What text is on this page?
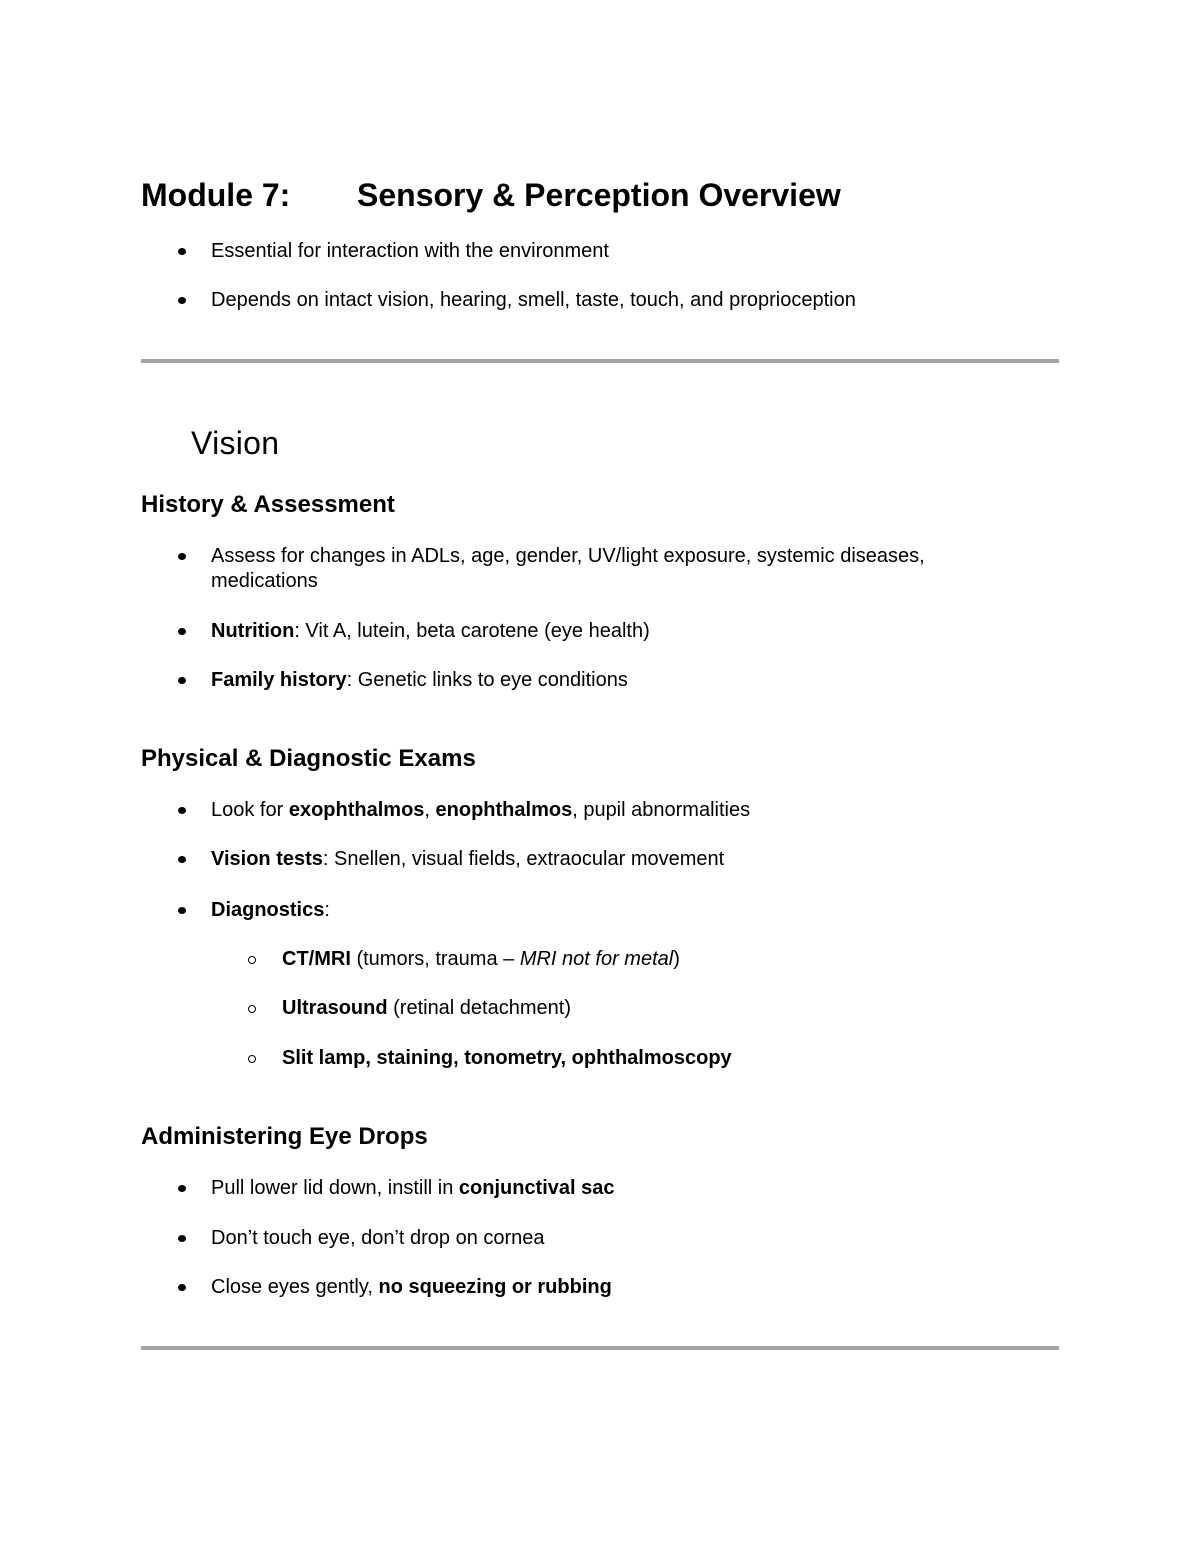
Module 7: Sensory & Perception Overview
Essential for interaction with the environment
Depends on intact vision, hearing, smell, taste, touch, and proprioception
Vision
History & Assessment
Assess for changes in ADLs, age, gender, UV/light exposure, systemic diseases,
medications
Nutrition: Vit A, lutein, beta carotene (eye health)
Family history: Genetic links to eye conditions
Physical & Diagnostic Exams
Look for exophthalmos, enophthalmos, pupil abnormalities
Vision tests: Snellen, visual fields, extraocular movement
Diagnostics:
CT/MRI (tumors, trauma – MRI not for metal)
Ultrasound (retinal detachment)
Slit lamp, staining, tonometry, ophthalmoscopy
Administering Eye Drops
Pull lower lid down, instill in conjunctival sac
Don’t touch eye, don’t drop on cornea
Close eyes gently, no squeezing or rubbing
